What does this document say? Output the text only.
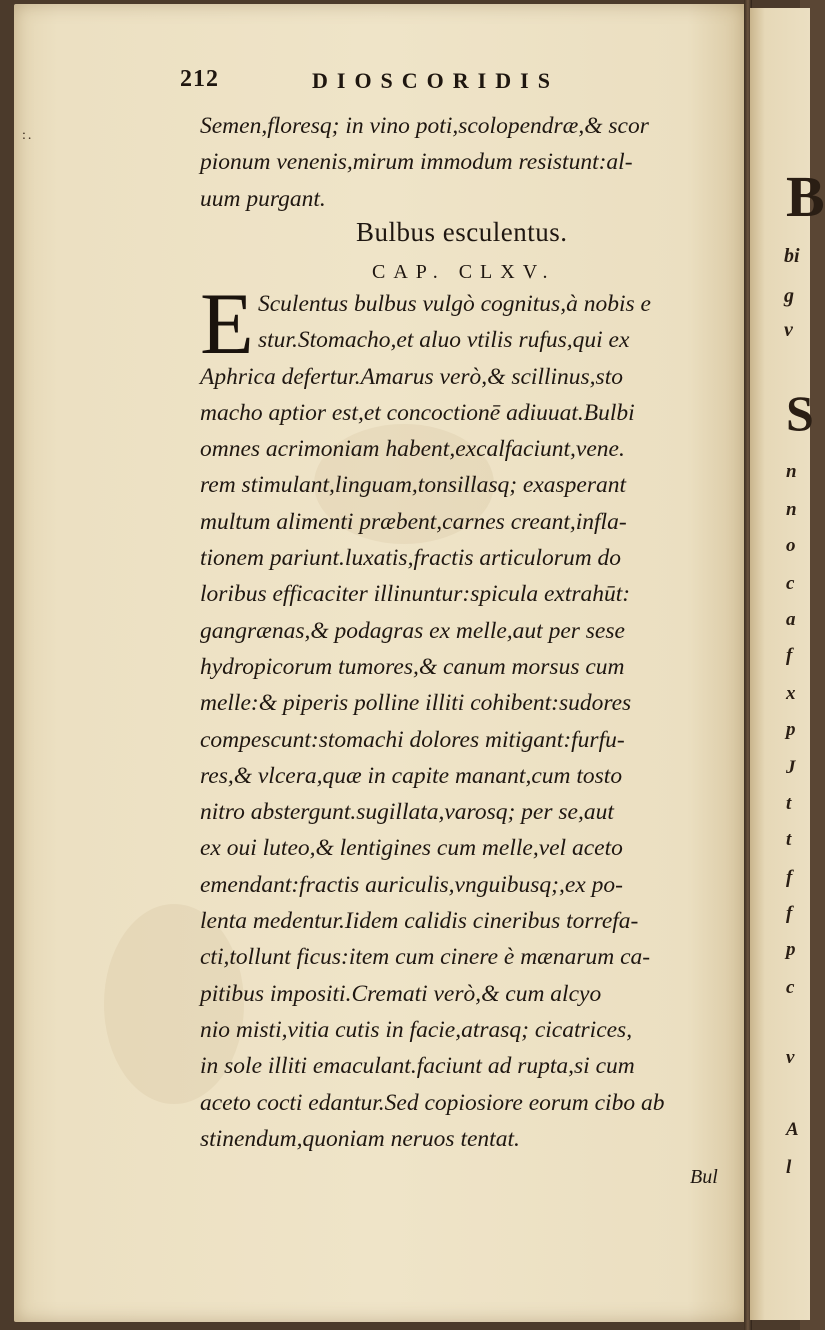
:.
212	DIOSCORIDIS
Semen,floresq; in vino poti,scolopendræ,& scor
pionum venenis,mirum immodum resistunt:al-
uum purgant.
Bulbus esculentus.
CAP. CLXV.
E Sculentus bulbus vulgò cognitus,à nobis e
stur.Stomacho,et aluo vtilis rufus,qui ex
Aphrica defertur.Amarus verò,& scillinus,sto
macho aptior est,et concoctionē adiuuat.Bulbi
omnes acrimoniam habent,excalfaciunt,vene.
rem stimulant,linguam,tonsillasq; exasperant
multum alimenti præbent,carnes creant,infla-
tionem pariunt.luxatis,fractis articulorum do
loribus efficaciter illinuntur:spicula extrahūt:
gangrænas,& podagras ex melle,aut per sese
hydropicorum tumores,& canum morsus cum
melle:& piperis polline illiti cohibent:sudores
compescunt:stomachi dolores mitigant:furfu-
res,& vlcera,quæ in capite manant,cum tosto
nitro abstergunt.sugillata,varosq; per se,aut
ex oui luteo,& lentigines cum melle,vel aceto
emendant:fractis auriculis,vnguibusq;,ex po-
lenta medentur.Iidem calidis cineribus torrefa-
cti,tollunt ficus:item cum cinere è mænarum ca-
pitibus impositi.Cremati verò,& cum alcyo
nio misti,vitia cutis in facie,atrasq; cicatrices,
in sole illiti emaculant.faciunt ad rupta,si cum
aceto cocti edantur.Sed copiosiore eorum cibo ab
stinendum,quoniam neruos tentat.
Bul
B
bi
g
v
S
n
n
o
c
a
f
x
p
J
t
t
f
f
p
c
v
A
l
